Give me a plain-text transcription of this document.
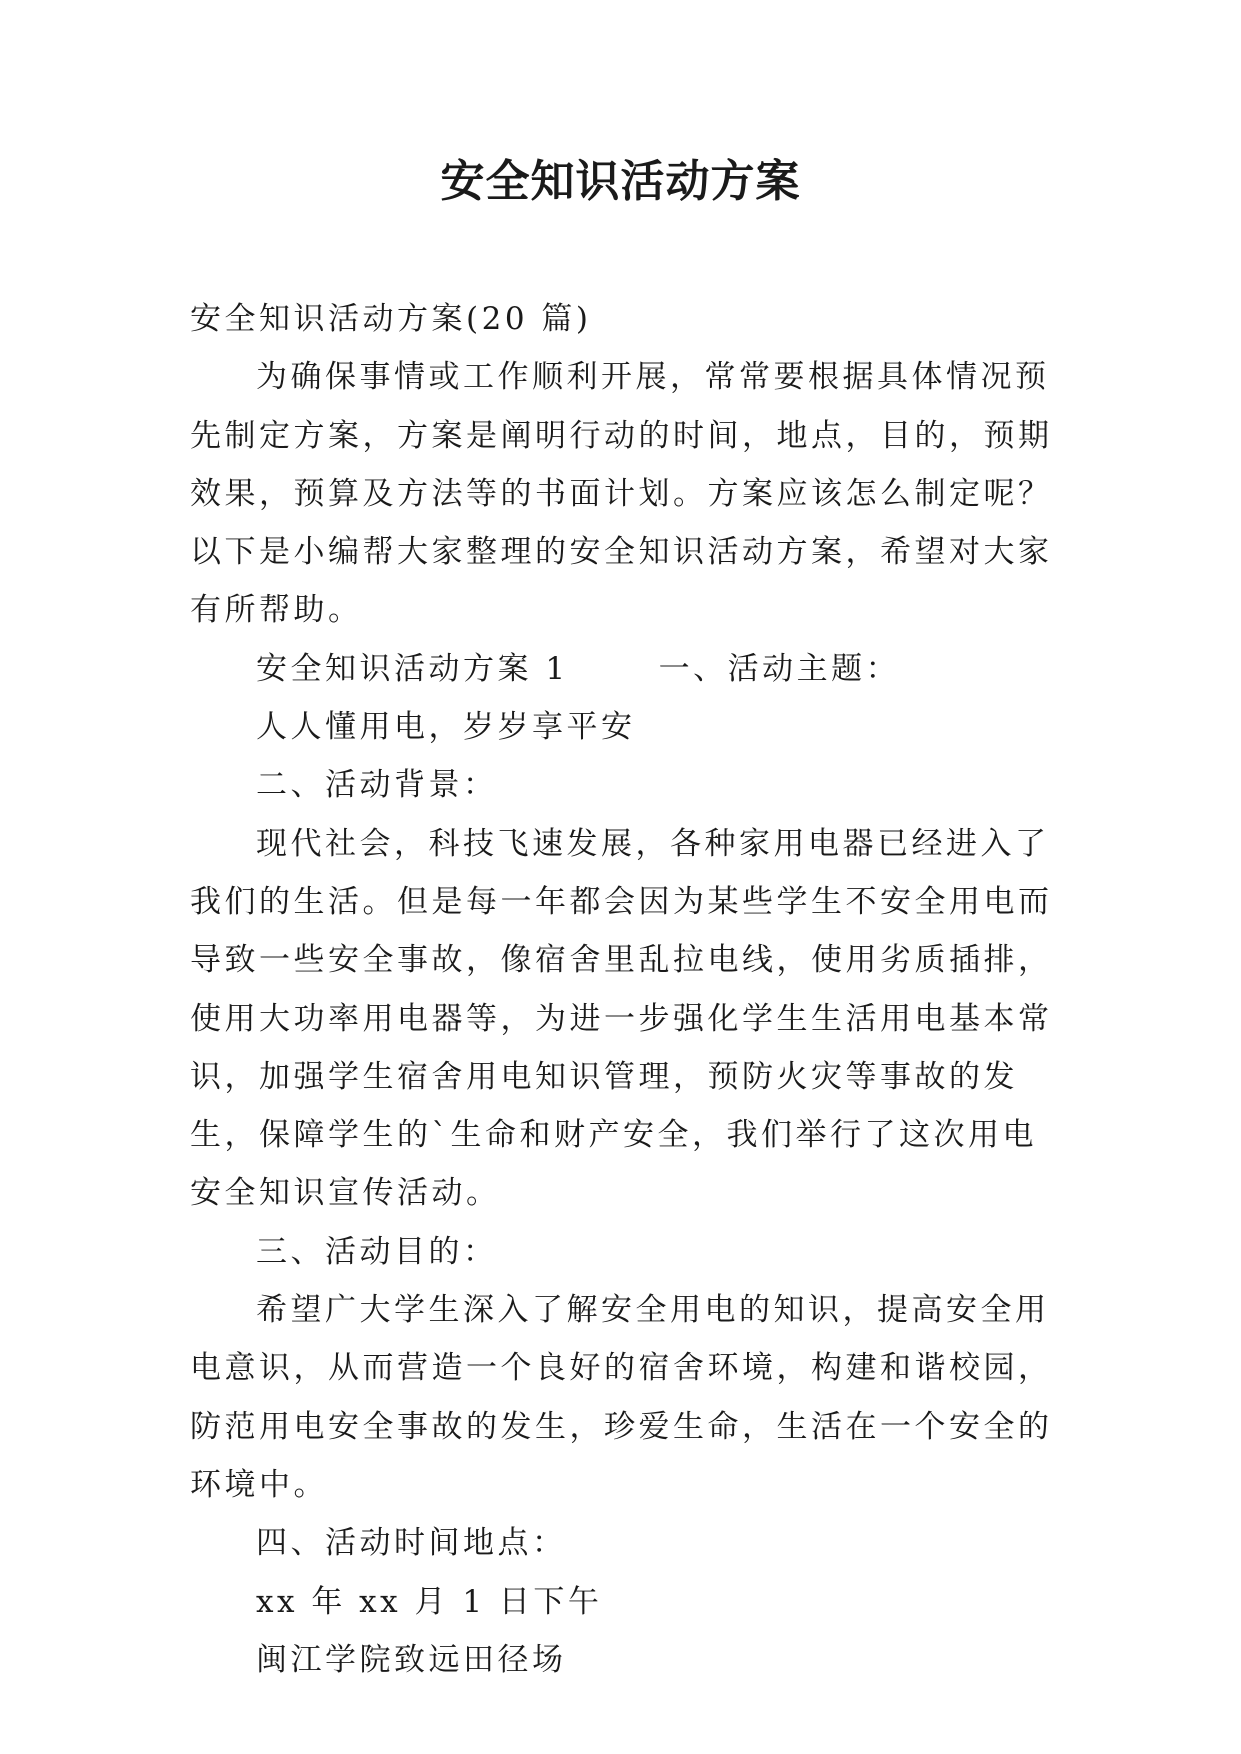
安全知识活动方案

安全知识活动方案(20 篇)

为确保事情或工作顺利开展，常常要根据具体情况预先制定方案，方案是阐明行动的时间，地点，目的，预期效果，预算及方法等的书面计划。方案应该怎么制定呢？以下是小编帮大家整理的安全知识活动方案，希望对大家有所帮助。

安全知识活动方案 1	一、活动主题：

人人懂用电，岁岁享平安

二、活动背景：

现代社会，科技飞速发展，各种家用电器已经进入了我们的生活。但是每一年都会因为某些学生不安全用电而导致一些安全事故，像宿舍里乱拉电线，使用劣质插排，使用大功率用电器等，为进一步强化学生生活用电基本常识，加强学生宿舍用电知识管理，预防火灾等事故的发生，保障学生的`生命和财产安全，我们举行了这次用电安全知识宣传活动。

三、活动目的：

希望广大学生深入了解安全用电的知识，提高安全用电意识，从而营造一个良好的宿舍环境，构建和谐校园，防范用电安全事故的发生，珍爱生命，生活在一个安全的环境中。

四、活动时间地点：

xx 年 xx 月 1 日下午

闽江学院致远田径场
